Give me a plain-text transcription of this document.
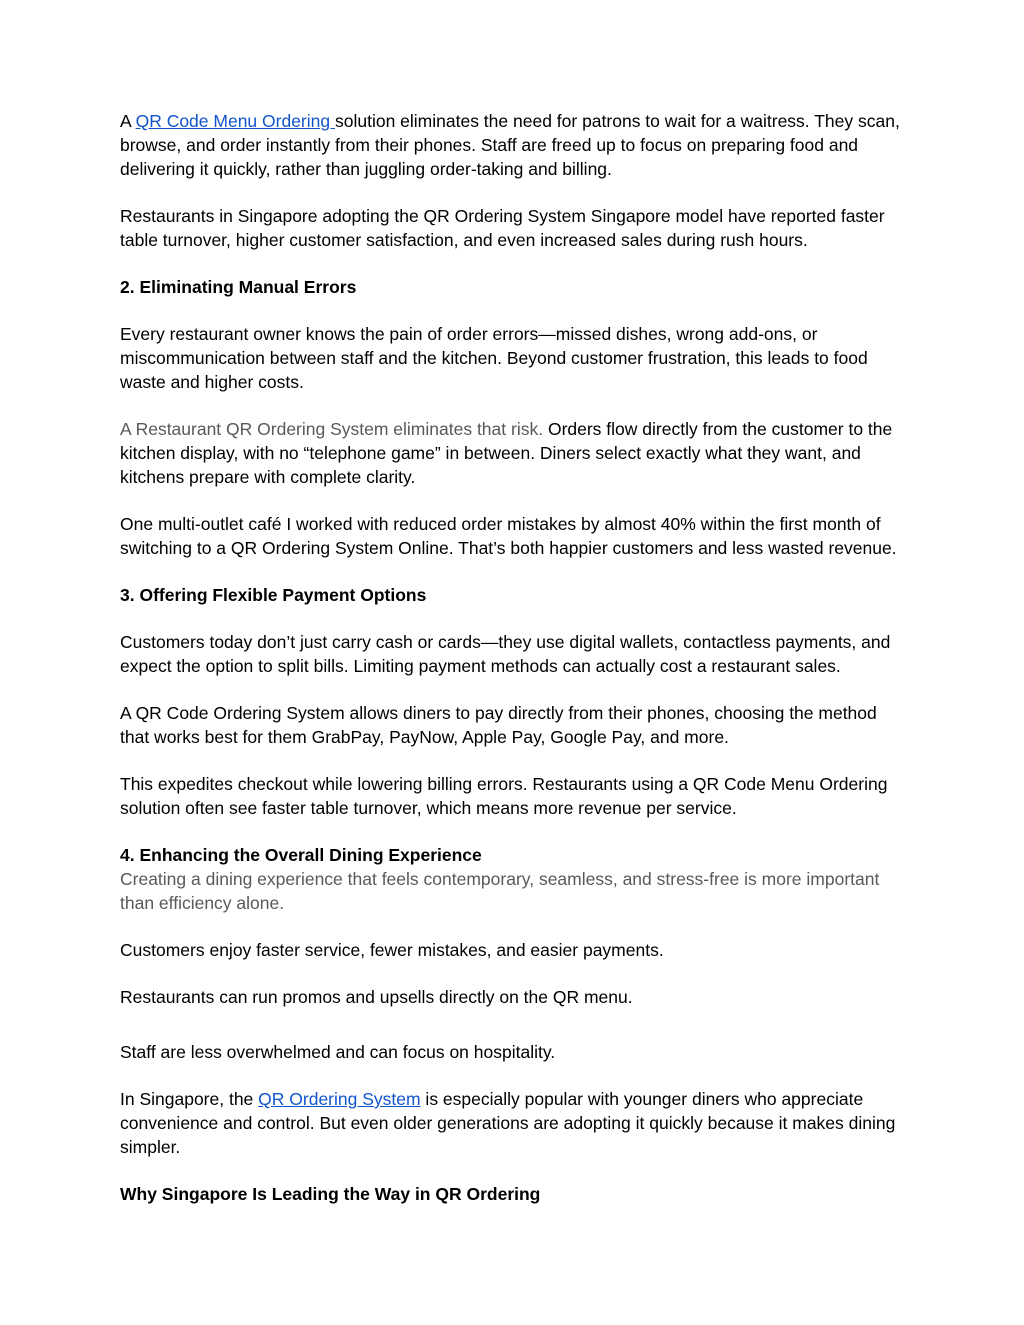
A QR Code Menu Ordering solution eliminates the need for patrons to wait for a waitress. They scan, browse, and order instantly from their phones. Staff are freed up to focus on preparing food and delivering it quickly, rather than juggling order-taking and billing.

Restaurants in Singapore adopting the QR Ordering System Singapore model have reported faster table turnover, higher customer satisfaction, and even increased sales during rush hours.

2. Eliminating Manual Errors

Every restaurant owner knows the pain of order errors—missed dishes, wrong add-ons, or miscommunication between staff and the kitchen. Beyond customer frustration, this leads to food waste and higher costs.

A Restaurant QR Ordering System eliminates that risk. Orders flow directly from the customer to the kitchen display, with no “telephone game” in between. Diners select exactly what they want, and kitchens prepare with complete clarity.

One multi-outlet café I worked with reduced order mistakes by almost 40% within the first month of switching to a QR Ordering System Online. That’s both happier customers and less wasted revenue.

3. Offering Flexible Payment Options

Customers today don’t just carry cash or cards—they use digital wallets, contactless payments, and expect the option to split bills. Limiting payment methods can actually cost a restaurant sales.

A QR Code Ordering System allows diners to pay directly from their phones, choosing the method that works best for them GrabPay, PayNow, Apple Pay, Google Pay, and more.

This expedites checkout while lowering billing errors. Restaurants using a QR Code Menu Ordering solution often see faster table turnover, which means more revenue per service.

4. Enhancing the Overall Dining Experience

Creating a dining experience that feels contemporary, seamless, and stress-free is more important than efficiency alone.

Customers enjoy faster service, fewer mistakes, and easier payments.

Restaurants can run promos and upsells directly on the QR menu.

Staff are less overwhelmed and can focus on hospitality.

In Singapore, the QR Ordering System is especially popular with younger diners who appreciate convenience and control. But even older generations are adopting it quickly because it makes dining simpler.

Why Singapore Is Leading the Way in QR Ordering
